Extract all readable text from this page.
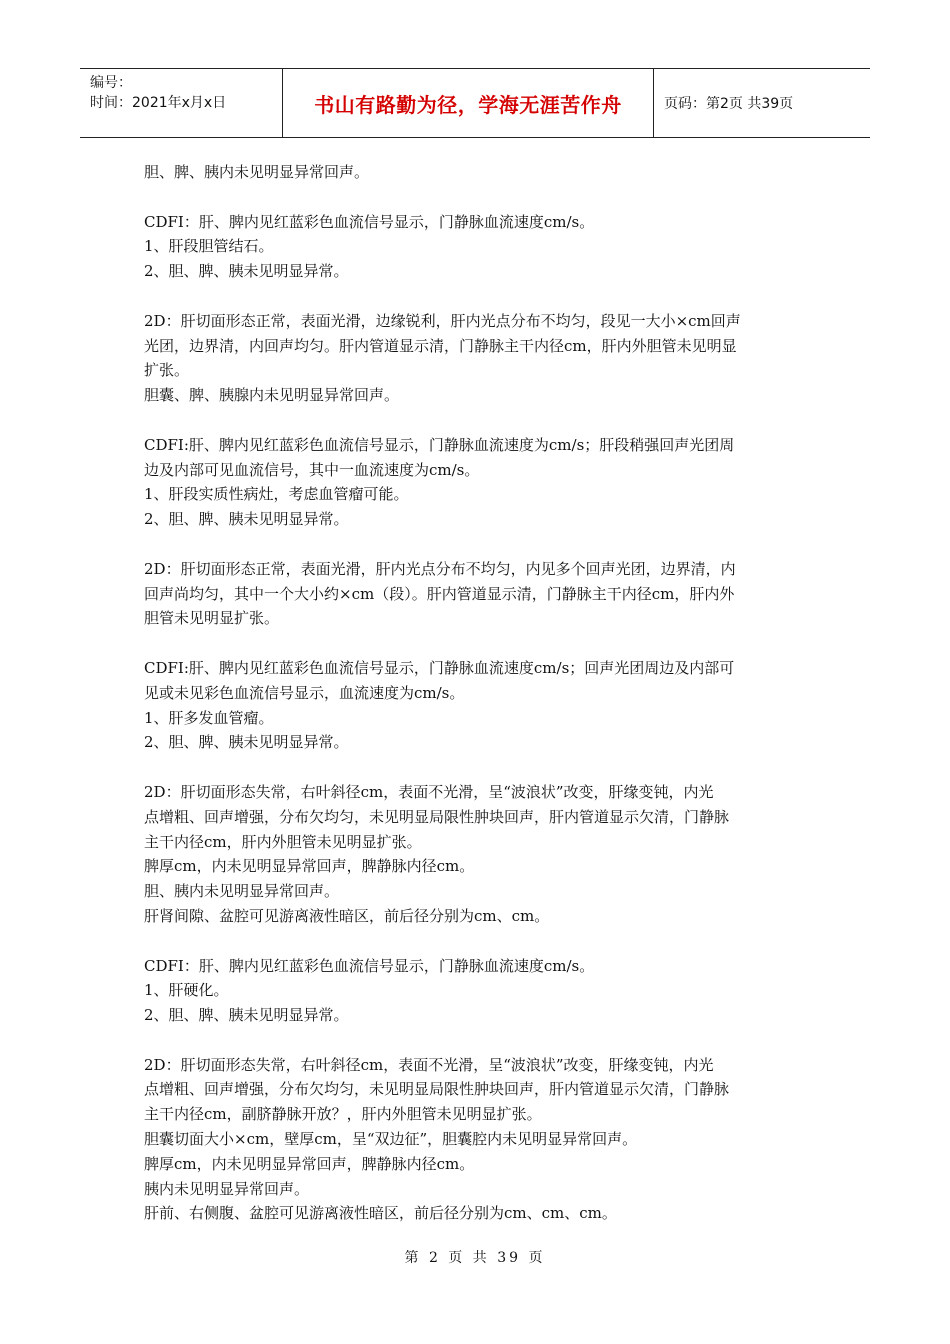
编号：
时间：2021年x月x日	书山有路勤为径，学海无涯苦作舟	页码：第2页 共39页
胆、脾、胰内未见明显异常回声。
CDFI：肝、脾内见红蓝彩色血流信号显示，门静脉血流速度cm/s。
1、肝段胆管结石。
2、胆、脾、胰未见明显异常。
2D：肝切面形态正常，表面光滑，边缘锐利，肝内光点分布不均匀，段见一大小×cm回声
光团，边界清，内回声均匀。肝内管道显示清，门静脉主干内径cm，肝内外胆管未见明显
扩张。
胆囊、脾、胰腺内未见明显异常回声。
CDFI:肝、脾内见红蓝彩色血流信号显示，门静脉血流速度为cm/s；肝段稍强回声光团周
边及内部可见血流信号，其中一血流速度为cm/s。
1、肝段实质性病灶，考虑血管瘤可能。
2、胆、脾、胰未见明显异常。
2D：肝切面形态正常，表面光滑，肝内光点分布不均匀，内见多个回声光团，边界清，内
回声尚均匀，其中一个大小约×cm（段）。肝内管道显示清，门静脉主干内径cm，肝内外
胆管未见明显扩张。
CDFI:肝、脾内见红蓝彩色血流信号显示，门静脉血流速度cm/s；回声光团周边及内部可
见或未见彩色血流信号显示，血流速度为cm/s。
1、肝多发血管瘤。
2、胆、脾、胰未见明显异常。
2D：肝切面形态失常，右叶斜径cm，表面不光滑，呈“波浪状”改变，肝缘变钝，内光
点增粗、回声增强，分布欠均匀，未见明显局限性肿块回声，肝内管道显示欠清，门静脉
主干内径cm，肝内外胆管未见明显扩张。
脾厚cm，内未见明显异常回声，脾静脉内径cm。
胆、胰内未见明显异常回声。
肝肾间隙、盆腔可见游离液性暗区，前后径分别为cm、cm。
CDFI：肝、脾内见红蓝彩色血流信号显示，门静脉血流速度cm/s。
1、肝硬化。
2、胆、脾、胰未见明显异常。
2D：肝切面形态失常，右叶斜径cm，表面不光滑，呈“波浪状”改变，肝缘变钝，内光
点增粗、回声增强，分布欠均匀，未见明显局限性肿块回声，肝内管道显示欠清，门静脉
主干内径cm，副脐静脉开放？，肝内外胆管未见明显扩张。
胆囊切面大小×cm，壁厚cm，呈“双边征”，胆囊腔内未见明显异常回声。
脾厚cm，内未见明显异常回声，脾静脉内径cm。
胰内未见明显异常回声。
肝前、右侧腹、盆腔可见游离液性暗区，前后径分别为cm、cm、cm。
第 2 页 共 39 页
